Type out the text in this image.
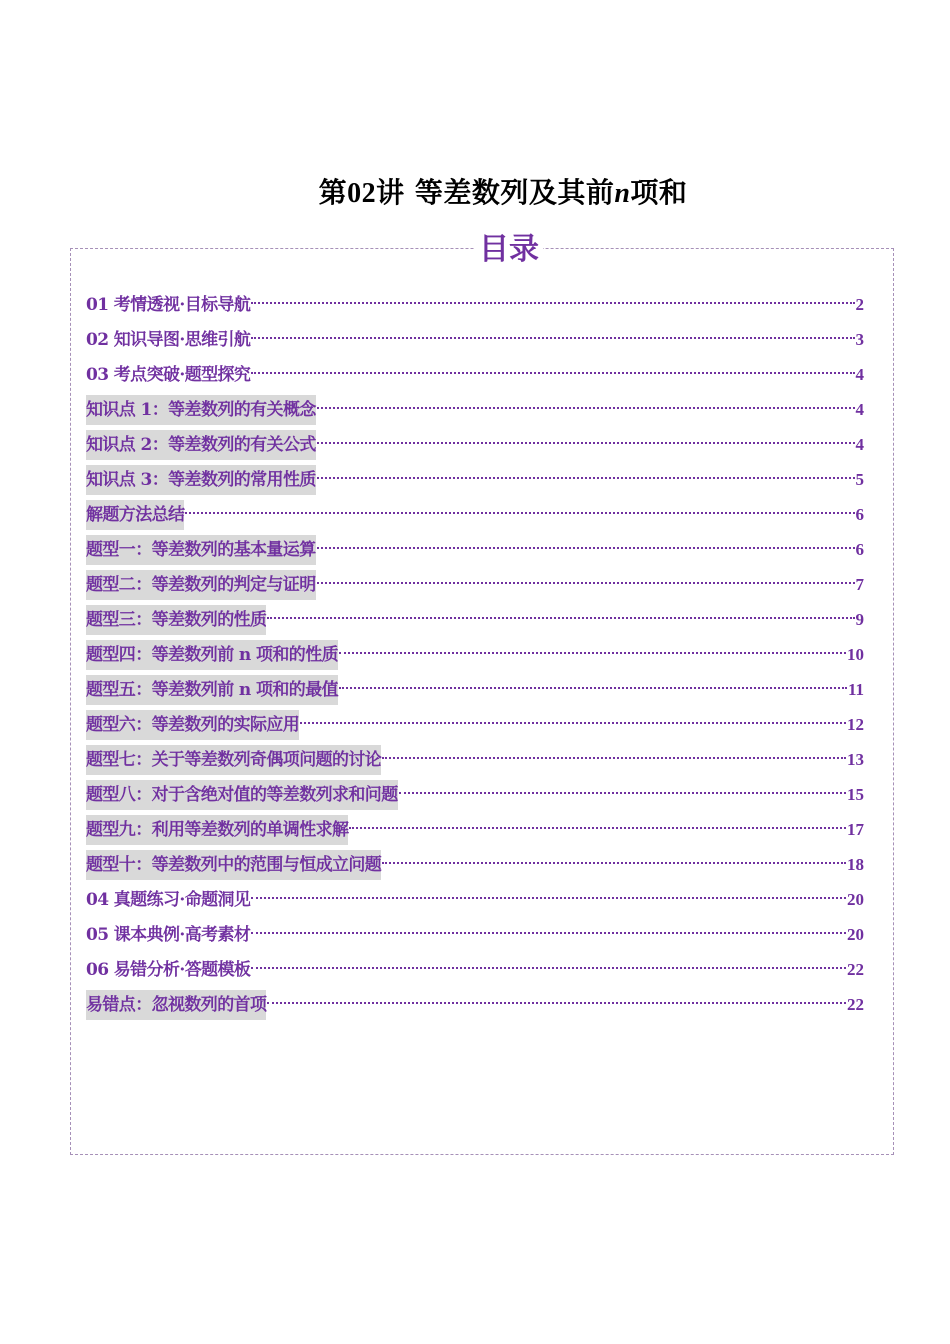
第02讲 等差数列及其前n项和
目录
01 考情透视·目标导航	2
02 知识导图·思维引航	3
03 考点突破·题型探究	4
知识点 1：等差数列的有关概念	4
知识点 2：等差数列的有关公式	4
知识点 3：等差数列的常用性质	5
解题方法总结	6
题型一：等差数列的基本量运算	6
题型二：等差数列的判定与证明	7
题型三：等差数列的性质	9
题型四：等差数列前 n 项和的性质	10
题型五：等差数列前 n 项和的最值	11
题型六：等差数列的实际应用	12
题型七：关于等差数列奇偶项问题的讨论	13
题型八：对于含绝对值的等差数列求和问题	15
题型九：利用等差数列的单调性求解	17
题型十：等差数列中的范围与恒成立问题	18
04 真题练习·命题洞见	20
05 课本典例·高考素材	20
06 易错分析·答题模板	22
易错点：忽视数列的首项	22
